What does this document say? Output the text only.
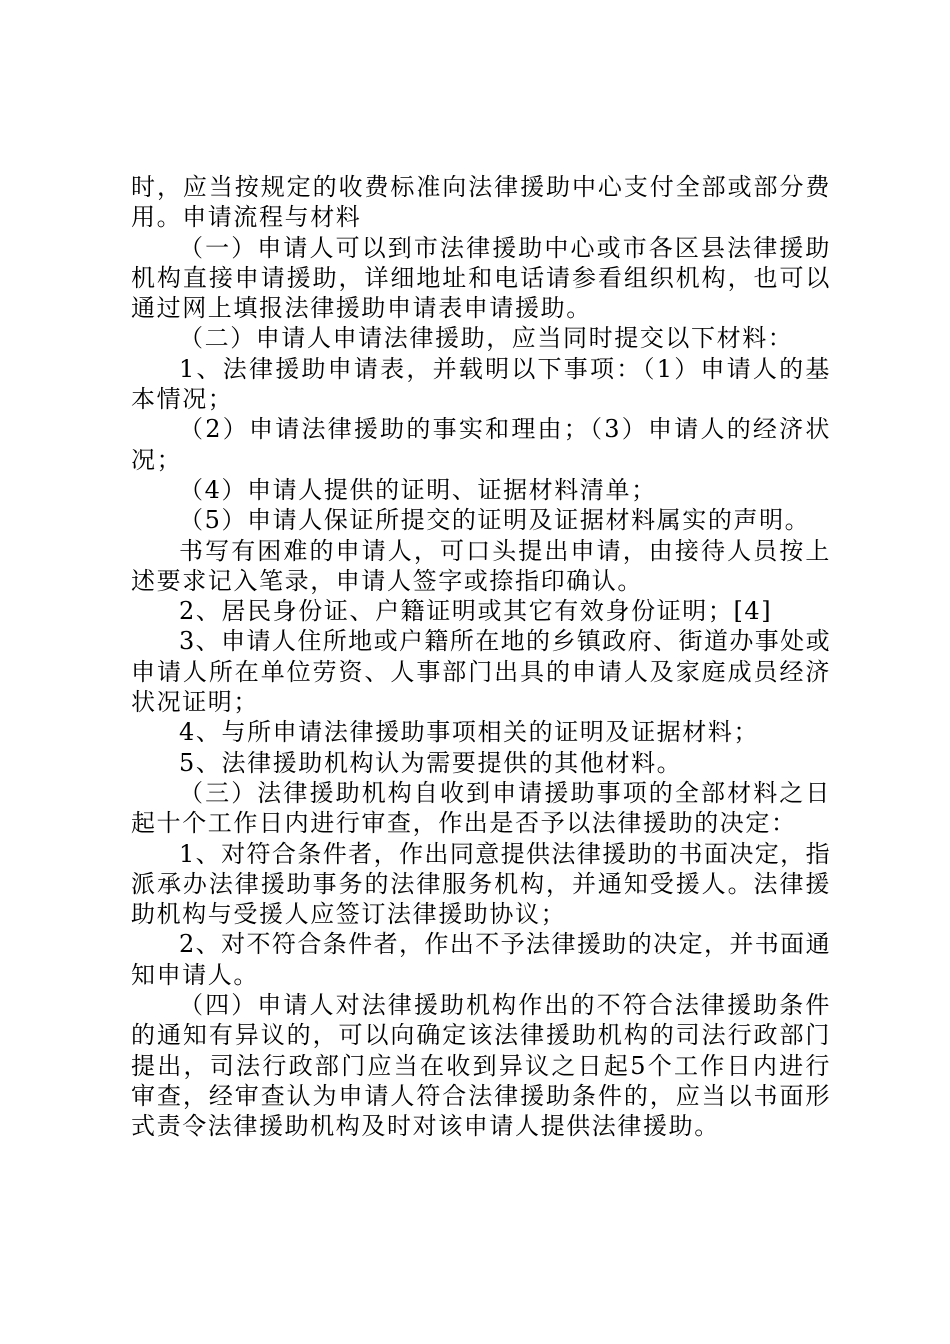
时，应当按规定的收费标准向法律援助中心支付全部或部分费
用。申请流程与材料
（一）申请人可以到市法律援助中心或市各区县法律援助
机构直接申请援助，详细地址和电话请参看组织机构，也可以
通过网上填报法律援助申请表申请援助。
（二）申请人申请法律援助，应当同时提交以下材料：
1、法律援助申请表，并载明以下事项：（1）申请人的基
本情况；
（2）申请法律援助的事实和理由；（3）申请人的经济状
况；
（4）申请人提供的证明、证据材料清单；
（5）申请人保证所提交的证明及证据材料属实的声明。
书写有困难的申请人，可口头提出申请，由接待人员按上
述要求记入笔录，申请人签字或捺指印确认。
2、居民身份证、户籍证明或其它有效身份证明；[4]
3、申请人住所地或户籍所在地的乡镇政府、街道办事处或
申请人所在单位劳资、人事部门出具的申请人及家庭成员经济
状况证明；
4、与所申请法律援助事项相关的证明及证据材料；
5、法律援助机构认为需要提供的其他材料。
（三）法律援助机构自收到申请援助事项的全部材料之日
起十个工作日内进行审查，作出是否予以法律援助的决定：
1、对符合条件者，作出同意提供法律援助的书面决定，指
派承办法律援助事务的法律服务机构，并通知受援人。法律援
助机构与受援人应签订法律援助协议；
2、对不符合条件者，作出不予法律援助的决定，并书面通
知申请人。
（四）申请人对法律援助机构作出的不符合法律援助条件
的通知有异议的，可以向确定该法律援助机构的司法行政部门
提出，司法行政部门应当在收到异议之日起5个工作日内进行
审查，经审查认为申请人符合法律援助条件的，应当以书面形
式责令法律援助机构及时对该申请人提供法律援助。
